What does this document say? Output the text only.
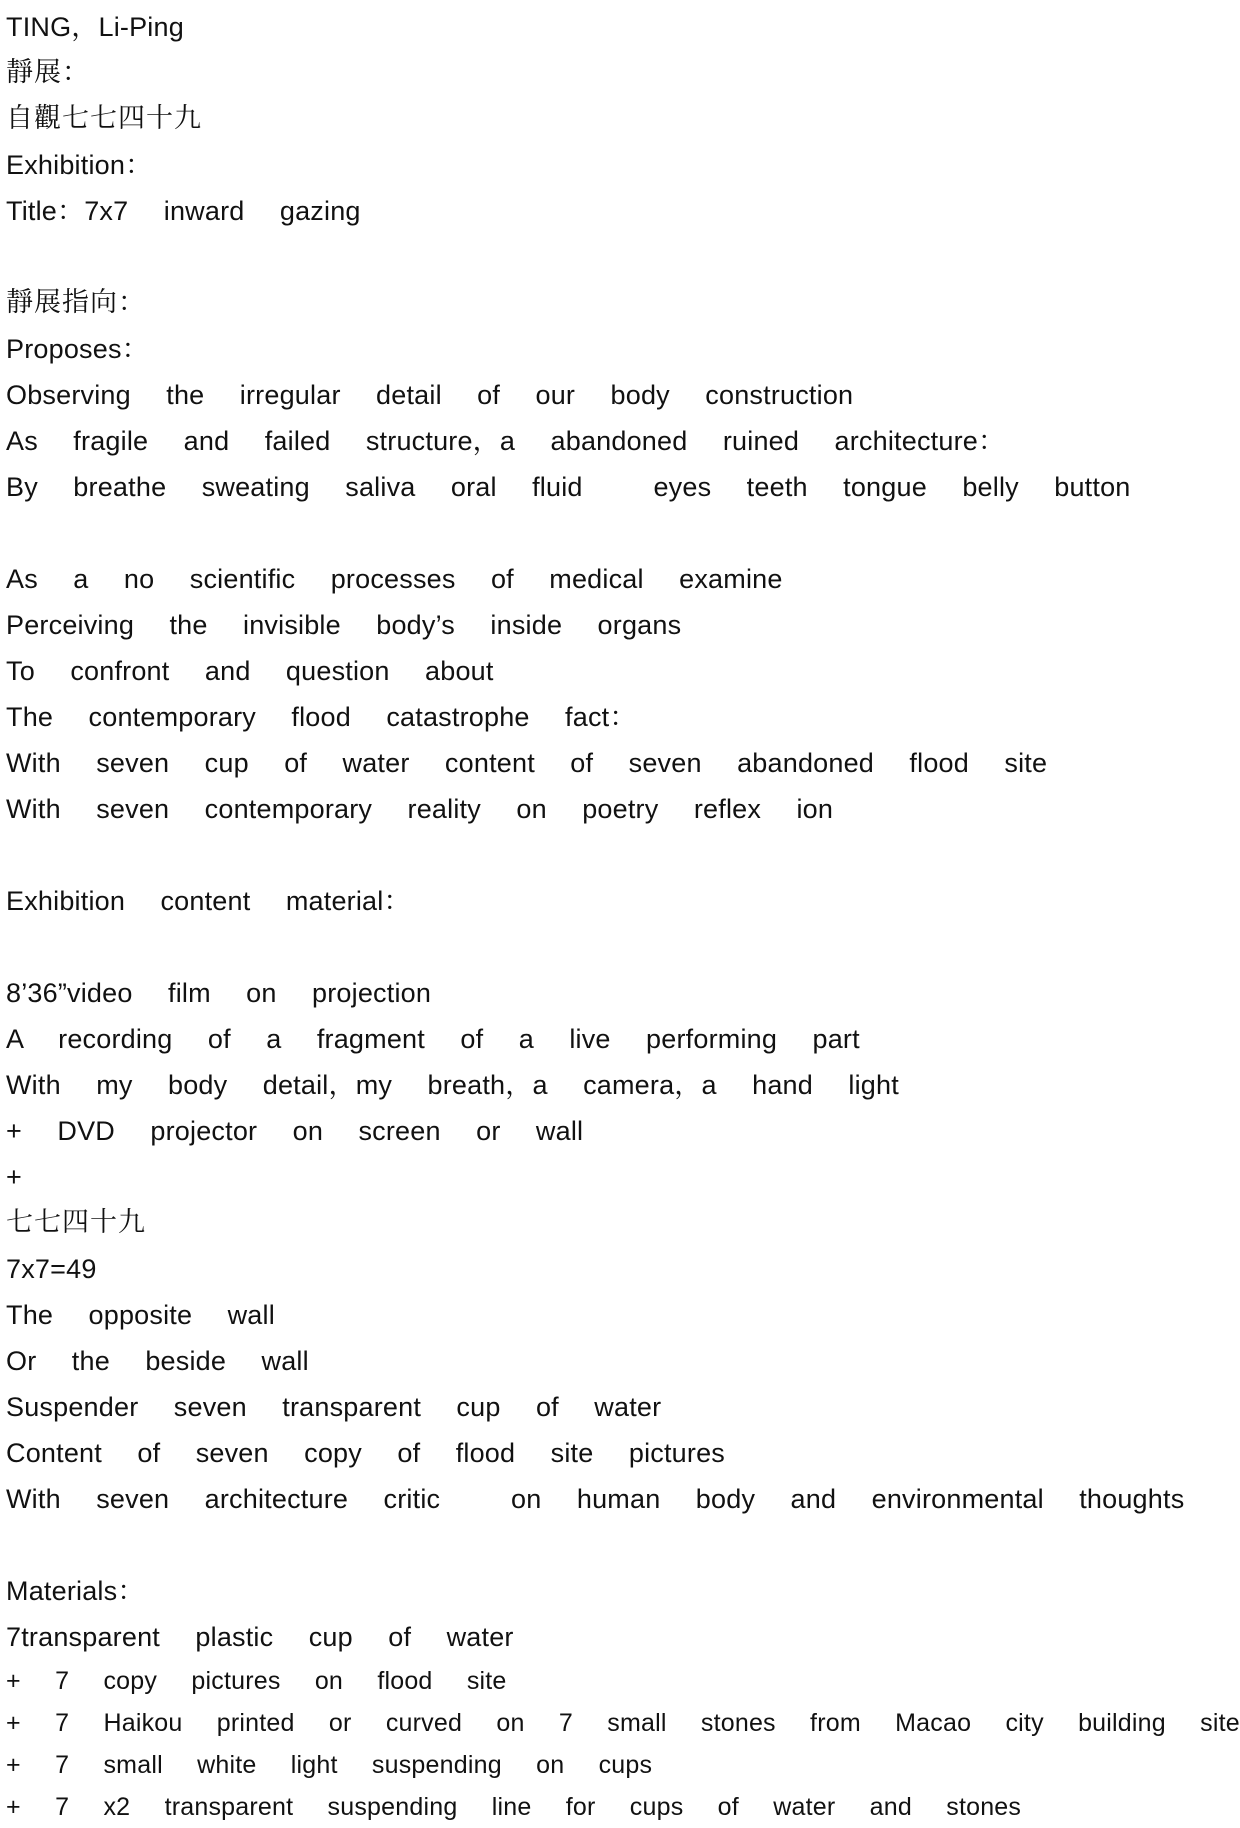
TING，Li-Ping
靜展：
自觀七七四十九
Exhibition：
Title：7x7  inward  gazing
靜展指向：
Proposes：
Observing  the  irregular  detail  of  our  body  construction
As  fragile  and  failed  structure，a  abandoned  ruined  architecture：
By  breathe  sweating  saliva  oral  fluid    eyes  teeth  tongue  belly  button
As  a  no  scientific  processes  of  medical  examine
Perceiving  the  invisible  body’s  inside  organs
To  confront  and  question  about
The  contemporary  flood  catastrophe  fact：
With  seven  cup  of  water  content  of  seven  abandoned  flood  site
With  seven  contemporary  reality  on  poetry  reflex  ion
Exhibition  content  material：
8’36”video  film  on  projection
A  recording  of  a  fragment  of  a  live  performing  part
With  my  body  detail，my  breath，a  camera，a  hand  light
+  DVD  projector  on  screen  or  wall
+
七七四十九
7x7=49
The  opposite  wall
Or  the  beside  wall
Suspender  seven  transparent  cup  of  water
Content  of  seven  copy  of  flood  site  pictures
With  seven  architecture  critic    on  human  body  and  environmental  thoughts
Materials：
7transparent  plastic  cup  of  water
+  7  copy  pictures  on  flood  site
+  7  Haikou  printed  or  curved  on  7  small  stones  from  Macao  city  building  site
+  7  small  white  light  suspending  on  cups
+  7  x2  transparent  suspending  line  for  cups  of  water  and  stones
